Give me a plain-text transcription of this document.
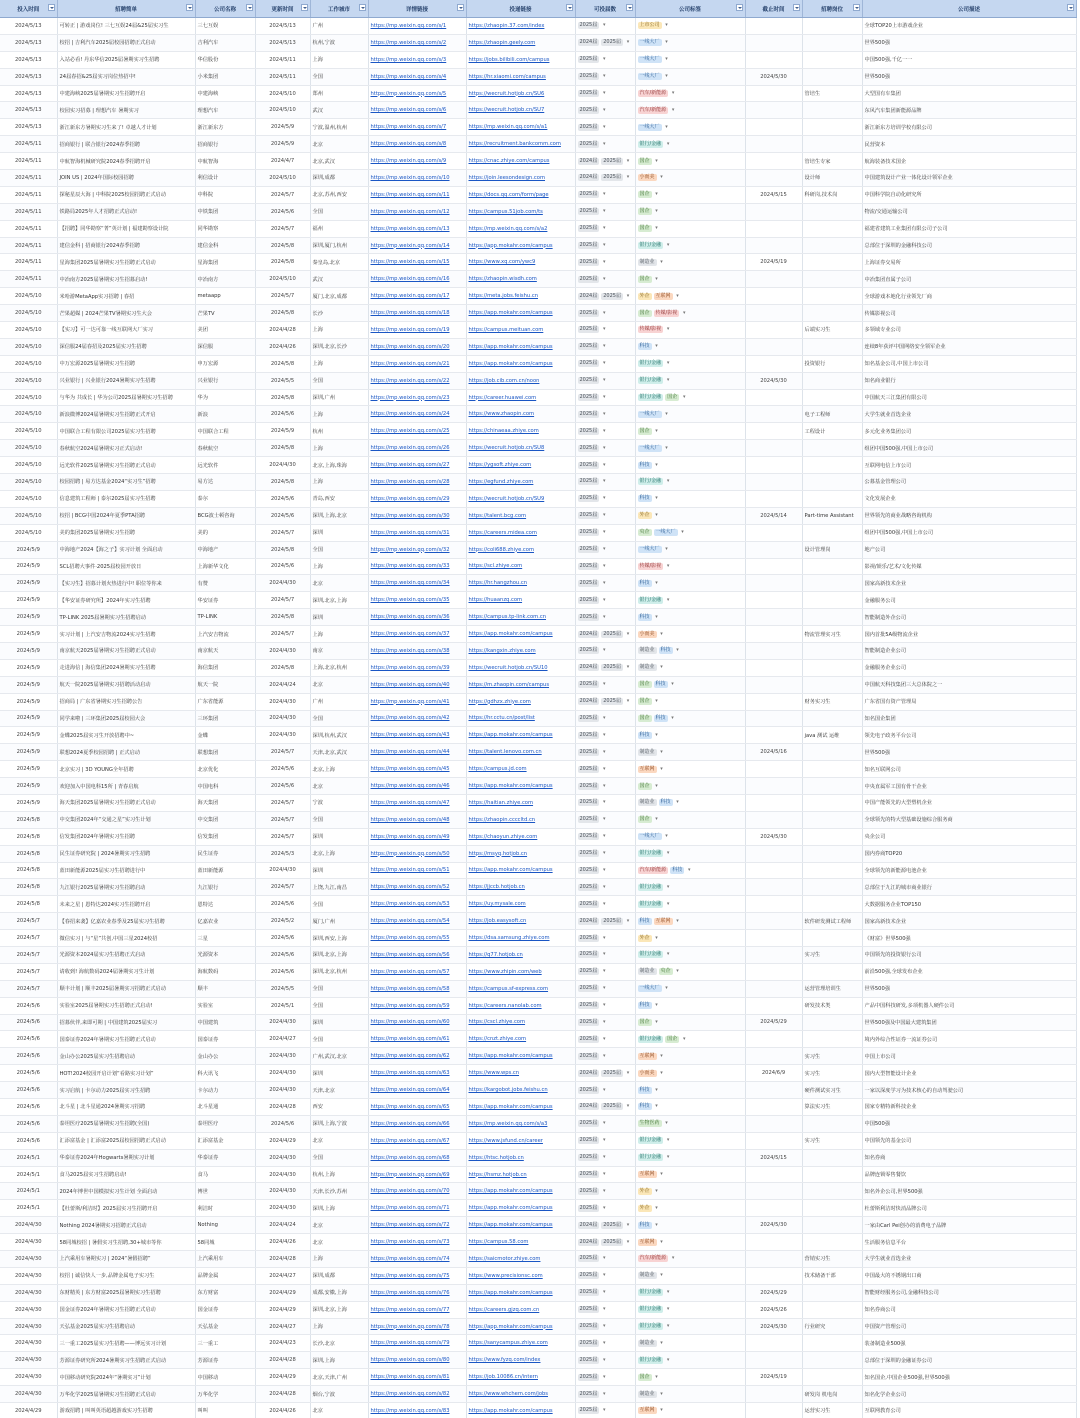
投入时间	招聘简单	公司名称	更新时间	工作城市	详情链接	投递链接	可投届数	公司标签	截止时间	招聘岗位	公司描述

2024/5/13	可转正 | 游戏岗位! 三七互娱24届&25届实习生	三七互娱	2024/5/13	广州	https://mp.weixin.qq.com/s/1	https://zhaopin.37.com/index	2025届 ▾	上市公司 ▾			全球TOP20上市游戏企业
2024/5/13	校招 | 吉利汽车2025届校园招聘正式启动	吉利汽车	2024/5/13	杭州,宁波	https://mp.weixin.qq.com/s/2	https://zhaopin.geely.com	2024届 2025届 ▾	一线大厂 ▾			世界500强
2024/5/13	入站必看! 丹东华信2025届暑期实习生招聘	华信股份	2024/5/11	上海	https://mp.weixin.qq.com/s/3	https://jobs.bilibili.com/campus	2025届 ▾	一线大厂 ▾			中国500强,千亿一一
2024/5/13	24届春招&25届实习岗位热招中!	小米集团	2024/5/11	全国	https://mp.weixin.qq.com/s/4	https://hr.xiaomi.com/campus	2025届 ▾	一线大厂 ▾	2024/5/30		世界500强
2024/5/13	中建海峡2025届暑期实习生招聘开启	中建海峡	2024/5/10	郑州	https://mp.weixin.qq.com/s/5	https://wecruit.hotjob.cn/SU6	2025届 ▾	汽车/新能源 ▾		管培生	大型国有车集团
2024/5/13	校园实习招募 | 理想汽车 暑期实习	理想汽车	2024/5/10	武汉	https://mp.weixin.qq.com/s/6	https://wecruit.hotjob.cn/SU7	2025届 ▾	汽车/新能源 ▾			东风汽车集团新能源品牌
2024/5/13	浙江新东方暑期实习生来了! 卓越人才计划	浙江新东方	2024/5/9	宁波,温州,杭州	https://mp.weixin.qq.com/s/7	https://mp.weixin.qq.com/s/a1	2025届 ▾	一线大厂 ▾			浙江新东方培训学校有限公司
2024/5/11	招商银行 | 联合银行2024春季招聘	招商银行	2024/5/9	北京	https://mp.weixin.qq.com/s/8	https://recruitment.bankcomm.com	2025届 ▾	银行/金融 ▾			民营资本
2024/5/11	中航智海机械研究院2024春季招聘开启	中航智海	2024/4/7	北京,武汉	https://mp.weixin.qq.com/s/9	https://cnac.zhiye.com/campus	2024届 2025届 ▾	国企 ▾		管培生专家	航海装备技术国企
2024/5/11	JOIN US | 2024年国际校园招聘	利信设计	2024/5/10	深圳,成都	https://mp.weixin.qq.com/s/10	https://join.leesondesign.com	2024届 2025届 ▾	小而美 ▾		设计师	中国建筑设计产业一体化设计领军企业
2024/5/11	探秘星辰大海 | 中科院2025校园招聘正式启动	中科院	2024/5/7	北京,苏州,西安	https://mp.weixin.qq.com/s/11	https://docs.qq.com/form/page	2025届 ▾	国企 ▾	2024/5/15	科研岗,技术岗	中国科学院自动化研究所
2024/5/11	铁路局2025年人才招聘正式启动!	中铁集团	2024/5/6	全国	https://mp.weixin.qq.com/s/12	https://campus.51job.com/ts	2025届 ▾	国企 ▾			物流/交通运输公司
2024/5/11	【招聘】同华勘察“菁”英计划 | 福建勘察设计院	同华勘察	2024/5/7	福州	https://mp.weixin.qq.com/s/13	https://mp.weixin.qq.com/s/a2	2025届 ▾	国企 ▾			福建省建筑工业集团有限公司子公司
2024/5/11	建信金科 | 招商银行2024春季招聘	建信金科	2024/5/8	深圳,厦门,杭州	https://mp.weixin.qq.com/s/14	https://app.mokahr.com/campus	2025届 ▾	银行/金融 ▾			总部位于深圳的金融科技公司
2024/5/11	星海集团2025届暑期实习生招聘正式启动	星海集团	2024/5/8	秦皇岛,北京	https://mp.weixin.qq.com/s/15	https://www.xq.com/ywc9	2025届 ▾	制造业 ▾	2024/5/19		上海证券交易所
2024/5/11	中冶南方2025届暑期实习生招募启动!	中冶南方	2024/5/10	武汉	https://mp.weixin.qq.com/s/16	https://zhaopin.wisdh.com	2025届 ▾	国企 ▾			中冶集团直属子公司
2024/5/10	米哈游MetaApp实习招聘 | 春招	metaapp	2024/5/7	厦门,北京,成都	https://mp.weixin.qq.com/s/17	https://meta.jobs.feishu.cn	2024届 2025届 ▾	外企 互联网 ▾			全球游戏本地化行业领先厂商
2024/5/10	芒果超媒 | 2024芒果TV暑期实习生大会	芒果TV	2024/5/8	长沙	https://mp.weixin.qq.com/s/18	https://app.mokahr.com/campus	2025届 ▾	国企 传媒/影视 ▾			传媒影视公司
2024/5/10	【实习】可一达可靠一线互联网大厂实习	美团	2024/4/28	上海	https://mp.weixin.qq.com/s/19	https://campus.meituan.com	2025届 ▾	传媒/影视 ▾		后端实习生	多领域专业公司
2024/5/10	深信服24届春招及2025届实习生招聘	深信服	2024/4/26	深圳,北京,长沙	https://mp.weixin.qq.com/s/20	https://app.mokahr.com/campus	2025届 ▾	科技 ▾			连续8年获评中国网络安全领军企业
2024/5/10	中万宏源2025届暑期实习生招聘	申万宏源	2024/5/8	上海	https://mp.weixin.qq.com/s/21	https://app.mokahr.com/campus	2025届 ▾	银行/金融 ▾		投资银行	知名基金公司,中国上市公司
2024/5/10	兴业银行 | 兴业银行2024暑期实习生招聘	兴业银行	2024/5/5	全国	https://mp.weixin.qq.com/s/22	https://job.cib.com.cn/noon	2025届 ▾	银行/金融 ▾	2024/5/30		知名商业银行
2024/5/10	与华为 共成长 | 华为公司2025届暑期实习生招聘	华为	2024/5/8	深圳,广州	https://mp.weixin.qq.com/s/23	https://career.huawei.com	2025届 ▾	银行/金融 国企 ▾			中国航天三江集团有限公司
2024/5/10	新浪微博2024届暑期实习生招聘正式开启	新浪	2024/5/6	上海	https://mp.weixin.qq.com/s/24	https://www.zhaopin.com	2025届 ▾	一线大厂 ▾		电子工程师	大学生就业首选企业
2024/5/10	中国联合工程有限公司2025届实习生招聘	中国联合工程	2024/5/9	杭州	https://mp.weixin.qq.com/s/25	https://chinaeaa.zhiye.com	2025届 ▾	国企 ▾		工程设计	多元化业务集团公司
2024/5/10	春秋航空2024届暑期实习正式启动!	春秋航空	2024/5/8	上海	https://mp.weixin.qq.com/s/26	https://wecruit.hotjob.cn/SU8	2025届 ▾	一线大厂 ▾			组团中国500强,中国上市公司
2024/5/10	远光软件2025届暑期实习生招聘正式启动	远光软件	2024/4/30	北京,上海,珠海	https://mp.weixin.qq.com/s/27	https://ygsoft.zhiye.com	2025届 ▾	科技 ▾			互联网电信上市公司
2024/5/10	校园招聘 | 易方达基金2024“实习生”招聘	易方达	2024/5/8	上海	https://mp.weixin.qq.com/s/28	https://egfund.zhiye.com	2025届 ▾	银行/金融 ▾			公募基金管理公司
2024/5/10	信息建筑工程师 | 泰尔2025届实习生招聘	泰尔	2024/5/6	青岛,西安	https://mp.weixin.qq.com/s/29	https://wecruit.hotjob.cn/SU9	2025届 ▾	科技 ▾			文化发展企业
2024/5/10	校招 | BCG中国2024年夏季PTA招聘	BCG波士顿咨询	2024/5/6	深圳,上海,北京	https://mp.weixin.qq.com/s/30	https://talent.bcg.com	2025届 ▾	外企 ▾	2024/5/14	Part-time Assistant	世界领先的商业战略咨询机构
2024/5/10	美的集团2025届暑期实习生招聘	美的	2024/5/7	深圳	https://mp.weixin.qq.com/s/31	https://careers.midea.com	2025届 ▾	央企 一线大厂 ▾			组团中国500强,中国上市公司
2024/5/9	中海地产2024【海之子】实习计划 全面启动	中海地产	2024/5/8	全国	https://mp.weixin.qq.com/s/32	https://coli688.zhiye.com	2025届 ▾	一线大厂 ▾		设计管理岗	地产公司
2024/5/9	SCL招聘大事件·2025届校园开放日	上海新华文化	2024/5/6	上海	https://mp.weixin.qq.com/s/33	https://scl.zhiye.com	2025届 ▾	传媒/影视 ▾			影视/娱乐/艺术/文化传媒
2024/5/9	【实习生】招募计划火热进行中! 职位等你来	有赞	2024/4/30	北京	https://mp.weixin.qq.com/s/34	https://hr.hangzhou.cn	2025届 ▾	科技 ▾			国家高新技术企业
2024/5/9	【华安证券研究所】2024年实习生招聘	华安证券	2024/5/7	深圳,北京,上海	https://mp.weixin.qq.com/s/35	https://huaanzq.com	2025届 ▾	银行/金融 ▾			金融服务公司
2024/5/9	TP-LINK 2025届暑期实习生招聘启动	TP-LINK	2024/5/8	深圳	https://mp.weixin.qq.com/s/36	https://campus.tp-link.com.cn	2025届 ▾	科技 ▾			智能制造外企公司
2024/5/9	实习计划 | 上汽安吉物流2024实习生招聘	上汽安吉物流	2024/5/7	上海	https://mp.weixin.qq.com/s/37	https://app.mokahr.com/campus	2024届 2025届 ▾	小而美 ▾		物流管理实习生	国内首批5A级物流企业
2024/5/9	南京航天2025届暑期实习生招聘正式启动	南京航天	2024/4/30	南京	https://mp.weixin.qq.com/s/38	https://kangxin.zhiye.com	2025届 ▾	制造业 科技 ▾			智能制造企业公司
2024/5/9	走进海信 | 海信集团2024暑期实习生招聘	海信集团	2024/5/8	上海,北京,杭州	https://mp.weixin.qq.com/s/39	https://wecruit.hotjob.cn/SU10	2024届 2025届 ▾	制造业 ▾			金融服务企业公司
2024/5/9	航天一院2025届暑期实习招聘活动启动	航天一院	2024/4/24	北京	https://mp.weixin.qq.com/s/40	https://m.zhaopin.com/campus	2025届 ▾	国企 科技 ▾			中国航天科技集团三大总体院之一
2024/5/9	招商局 | 广东省暑期实习生招聘公告	广东省能源	2024/4/30	广州	https://mp.weixin.qq.com/s/41	https://gdhzx.zhiye.com	2024届 2025届 ▾	国企 ▾		财务实习生	广东省国有资产管理局
2024/5/9	同学来啦 | 三环集团2025届校园大会	三环集团	2024/4/30	全国	https://mp.weixin.qq.com/s/42	https://hr.cctu.cn/post/list	2025届 ▾	国企 科技 ▾			知名国企集团
2024/5/9	金蝶2025届实习生开放招聘中~	金蝶	2024/4/30	深圳,杭州,武汉	https://mp.weixin.qq.com/s/43	https://app.mokahr.com/campus	2025届 ▾	科技 ▾		java 测试 运维	领先电子政务平台公司
2024/5/9	联想2024夏季校园招聘 | 正式启动	联想集团	2024/5/7	天津,北京,武汉	https://mp.weixin.qq.com/s/44	https://talent.lenovo.com.cn	2025届 ▾	制造业 ▾	2024/5/16		世界500强
2024/5/9	北京实习 | 3D YOUNG全年招聘	北京优化	2024/5/6	北京,上海	https://mp.weixin.qq.com/s/45	https://campus.jd.com	2025届 ▾	互联网 ▾			知名互联网公司
2024/5/9	欢迎加入中国电科15所 | 青春启航	中国电科	2024/5/6	北京	https://mp.weixin.qq.com/s/46	https://app.mokahr.com/campus	2025届 ▾	国企 ▾			中央直属军工国有骨干企业
2024/5/9	海天集团2025届暑期实习生招聘正式启动	海天集团	2024/5/7	宁波	https://mp.weixin.qq.com/s/47	https://haitian.zhiye.com	2025届 ▾	制造业 科技 ▾			中国产能领先的大型塑机企业
2024/5/8	中交集团2024年“交通之星”实习生计划	中交集团	2024/5/7	全国	https://mp.weixin.qq.com/s/48	https://zhaopin.ccccltd.cn	2025届 ▾	国企 ▾			全球领先的特大型基础设施综合服务商
2024/5/8	信发集团2024年暑期实习生招聘	信发集团	2024/5/7	深圳	https://mp.weixin.qq.com/s/49	https://chaoyun.zhiye.com	2025届 ▾	一线大厂 ▾	2024/5/30		央企公司
2024/5/8	民生证券研究院 | 2024暑期实习生招聘	民生证券	2024/5/3	北京,上海	https://mp.weixin.qq.com/s/50	https://msyq.hotjob.cn	2025届 ▾	银行/金融 ▾			国内券商TOP20
2024/5/8	蓝田新能源2025届实习生招聘进行中	蓝田新能源	2024/4/30	深圳	https://mp.weixin.qq.com/s/51	https://app.mokahr.com/campus	2025届 ▾	汽车/新能源 科技 ▾			全球领先的新能源电池企业
2024/5/8	九江银行2025届暑期实习生招聘启动	九江银行	2024/5/7	上饶,九江,南昌	https://mp.weixin.qq.com/s/52	https://jjccb.hotjob.cn	2025届 ▾	银行/金融 ▾			总部位于九江的城市商业银行
2024/5/8	未来之星 | 恩特达2024实习生招聘开启	恩特达	2024/5/6	全国	https://mp.weixin.qq.com/s/53	https://uy.mysale.com	2025届 ▾	银行/金融 ▾			大数据服务企业TOP150
2024/5/7	【春招来袭】亿嘉农业春季及25届实习生招聘	亿嘉农业	2024/5/2	厦门,广州	https://mp.weixin.qq.com/s/54	https://job.easysoft.cn	2024届 2025届 ▾	科技 互联网 ▾		软件研发测试工程师	国家高新技术企业
2024/5/7	微信实习 | 与“星”共创,中国三星2024校招	三星	2024/5/6	深圳,西安,上海	https://mp.weixin.qq.com/s/55	https://dsa.samsung.zhiye.com	2025届 ▾	外企 ▾			《财富》世界500强
2024/5/7	光源资本2024届实习生招聘正式启动	光源资本	2024/5/6	深圳,北京,上海	https://mp.weixin.qq.com/s/56	https://q77.hotjob.cn	2025届 ▾	银行/金融 ▾		实习生	中国领先的投资银行公司
2024/5/7	请收到! 海航数码2024届暑期实习生计划	海航数码	2024/5/6	深圳,北京,杭州	https://mp.weixin.qq.com/s/57	https://www.zhipin.com/web	2025届 ▾	制造业 央企 ▾			前沿500强,全球发布企业
2024/5/7	顺丰计划 | 顺丰2025届暑期实习招聘正式启动	顺丰	2024/5/5	全国	https://mp.weixin.qq.com/s/58	https://campus.sf-express.com	2025届 ▾	一线大厂 ▾		运营管理培训生	世界500强
2024/5/6	实验室2025届暑期实习生招聘正式启动!	实验室	2024/5/1	全国	https://mp.weixin.qq.com/s/59	https://careers.nanolab.com	2025届 ▾	科技 ▾		研发技术类	产品中国科技研发,多项机器人硬件公司
2024/5/6	招募伙伴,来即可期 | 中国建筑2025届实习	中国建筑	2024/4/30	深圳	https://mp.weixin.qq.com/s/60	https://cscl.zhiye.com	2025届 ▾	国企 ▾	2024/5/29		世界500强及中国最大建筑集团
2024/5/6	国泰证券2024年暑期实习生招聘正式启动	国泰证券	2024/4/27	全国	https://mp.weixin.qq.com/s/61	https://cnzt.zhiye.com	2025届 ▾	银行/金融 国企 ▾			境内外综合性证券一流证券公司
2024/5/6	金山办公2025届实习生招聘启动	金山办公	2024/4/30	广州,武汉,北京	https://mp.weixin.qq.com/s/62	https://app.mokahr.com/campus	2025届 ▾	互联网 ▾		实习生	中国上市公司
2024/5/6	HOT!2024校园开启计划“看路实习计划”	科大讯飞	2024/4/30	深圳	https://mp.weixin.qq.com/s/63	https://www.wps.cn	2024届 2025届 ▾	小而美 ▾	2024/6/9	实习生	国内大型智能设计企业
2024/5/6	实习启航 | 卡尔动力2025届实习生招聘	卡尔动力	2024/4/30	天津,北京	https://mp.weixin.qq.com/s/64	https://kargobot.jobs.feishu.cn	2025届 ▾	科技 ▾		硬件测试实习生	一家以深度学习为技术核心的自动驾驶公司
2024/5/6	北斗星 | 北斗星通2024暑期实习招聘	北斗星通	2024/4/28	西安	https://mp.weixin.qq.com/s/65	https://app.mokahr.com/campus	2024届 2025届 ▾	科技 ▾		算法实习生	国家专精特新科技企业
2024/5/6	泰坦医疗2025届暑期实习生招聘(全国)	泰坦医疗	2024/5/6	深圳,上海,宁波	https://mp.weixin.qq.com/s/66	https://mp.weixin.qq.com/s/a3	2025届 ▾	生物医药 ▾			中国500强
2024/5/6	汇添富基金 | 汇添富2025届校园招聘正式启动	汇添富基金	2024/4/29	北京	https://mp.weixin.qq.com/s/67	https://www.jsfund.cn/career	2025届 ▾	银行/金融 ▾		实习生	中国领先的基金公司
2024/5/1	华泰证券2024年Hogwarts暑期实习计划	华泰证券	2024/4/30	全国	https://mp.weixin.qq.com/s/68	https://htsc.hotjob.cn	2025届 ▾	银行/金融 ▾	2024/5/15		知名券商
2024/5/1	食马2025届实习生招聘启动!	食马	2024/4/30	杭州,上海	https://mp.weixin.qq.com/s/69	https://hsmz.hotjob.cn	2025届 ▾	互联网 ▾			品牌连锁零售餐饮
2024/5/1	2024年博世中国模拟实习生计划 全面启动	博世	2024/4/30	天津,长沙,苏州	https://mp.weixin.qq.com/s/70	https://app.mokahr.com/campus	2025届 ▾	外企 ▾			知名外企公司,世界500强
2024/5/1	【杜蕾斯/利洁时】2025届实习生招聘开启	利洁时	2024/4/30	深圳,上海	https://mp.weixin.qq.com/s/71	https://app.mokahr.com/campus	2025届 ▾	外企 ▾			杜蕾斯利洁时快消品牌公司
2024/4/30	Nothing 2024暑期实习招聘正式启动	Nothing	2024/4/24	北京	https://mp.weixin.qq.com/s/72	https://app.mokahr.com/campus	2024届 2025届 ▾	科技 ▾	2024/5/30		一家由Carl Pei创办的消费电子品牌
2024/4/30	58同城校招 | 暑假实习生招聘,30+城市等你	58同城	2024/4/26	北京	https://mp.weixin.qq.com/s/73	https://campus.58.com	2024届 2025届 ▾	互联网 ▾			生活服务信息平台
2024/4/30	上汽乘用车暑期实习 | 2024“暑假招聘”	上汽乘用车	2024/4/28	上海	https://mp.weixin.qq.com/s/74	https://saicmotor.zhiye.com	2025届 ▾	汽车/新能源 ▾		营销实习生	大学生就业首选企业
2024/4/30	校招 | 诚信快人一步,品牌金属电子实习生	品牌金属	2024/4/27	深圳,成都	https://mp.weixin.qq.com/s/75	https://www.precisionsc.com	2025届 ▾	制造业 ▾		技术储备干部	中国最大的不锈钢出口商
2024/4/30	东财精英 | 东方财富2025届暑期实习生招聘	东方财富	2024/4/29	成都,安徽,上海	https://mp.weixin.qq.com/s/76	https://app.mokahr.com/campus	2025届 ▾	银行/金融 ▾	2024/5/29		智能财经服务公司,金融科技公司
2024/4/30	国金证券2024年暑期实习生招聘正式启动	国金证券	2024/4/29	深圳,北京,上海	https://mp.weixin.qq.com/s/77	https://careers.gjzq.com.cn	2025届 ▾	银行/金融 ▾	2024/5/26		知名券商公司
2024/4/30	天弘基金2025届实习生招聘启动	天弘基金	2024/4/27	上海	https://mp.weixin.qq.com/s/78	https://app.mokahr.com/campus	2025届 ▾	银行/金融 ▾	2024/5/30	行业研究	中国资产管理公司
2024/4/30	三一重工2025届实习生招聘——博远实习计划	三一重工	2024/4/23	长沙,北京	https://mp.weixin.qq.com/s/79	https://sanycampus.zhiye.com	2025届 ▾	制造业 ▾			装备制造业500强
2024/4/30	芳源证券研究所2024暑期实习生招聘正式启动	芳源证券	2024/4/28	深圳,上海	https://mp.weixin.qq.com/s/80	https://www.fyzq.com/index	2025届 ▾	银行/金融 ▾			总部位于深圳的金融证券公司
2024/4/30	中国移动研究院2024年“暑期实习”计划	中国移动	2024/4/29	北京,天津,广州	https://mp.weixin.qq.com/s/81	https://job.10086.cn/intern	2025届 ▾	国企 ▾	2024/5/19		知名国企,中国企业500强,世界500强
2024/4/30	万华化学2025届暑期实习生招聘正式启动	万华化学	2024/4/28	烟台,宁波	https://mp.weixin.qq.com/s/82	https://www.whchem.com/jobs	2025届 ▾	制造业 ▾		研发岗 机电岗	知名化学企业公司
2024/4/29	游戏招聘 | 叫叫英语超越游戏实习生招聘	叫叫	2024/4/26	北京	https://mp.weixin.qq.com/s/83	https://app.mokahr.com/campus	2025届 ▾	互联网 ▾		运营实习生	互联网教育公司
